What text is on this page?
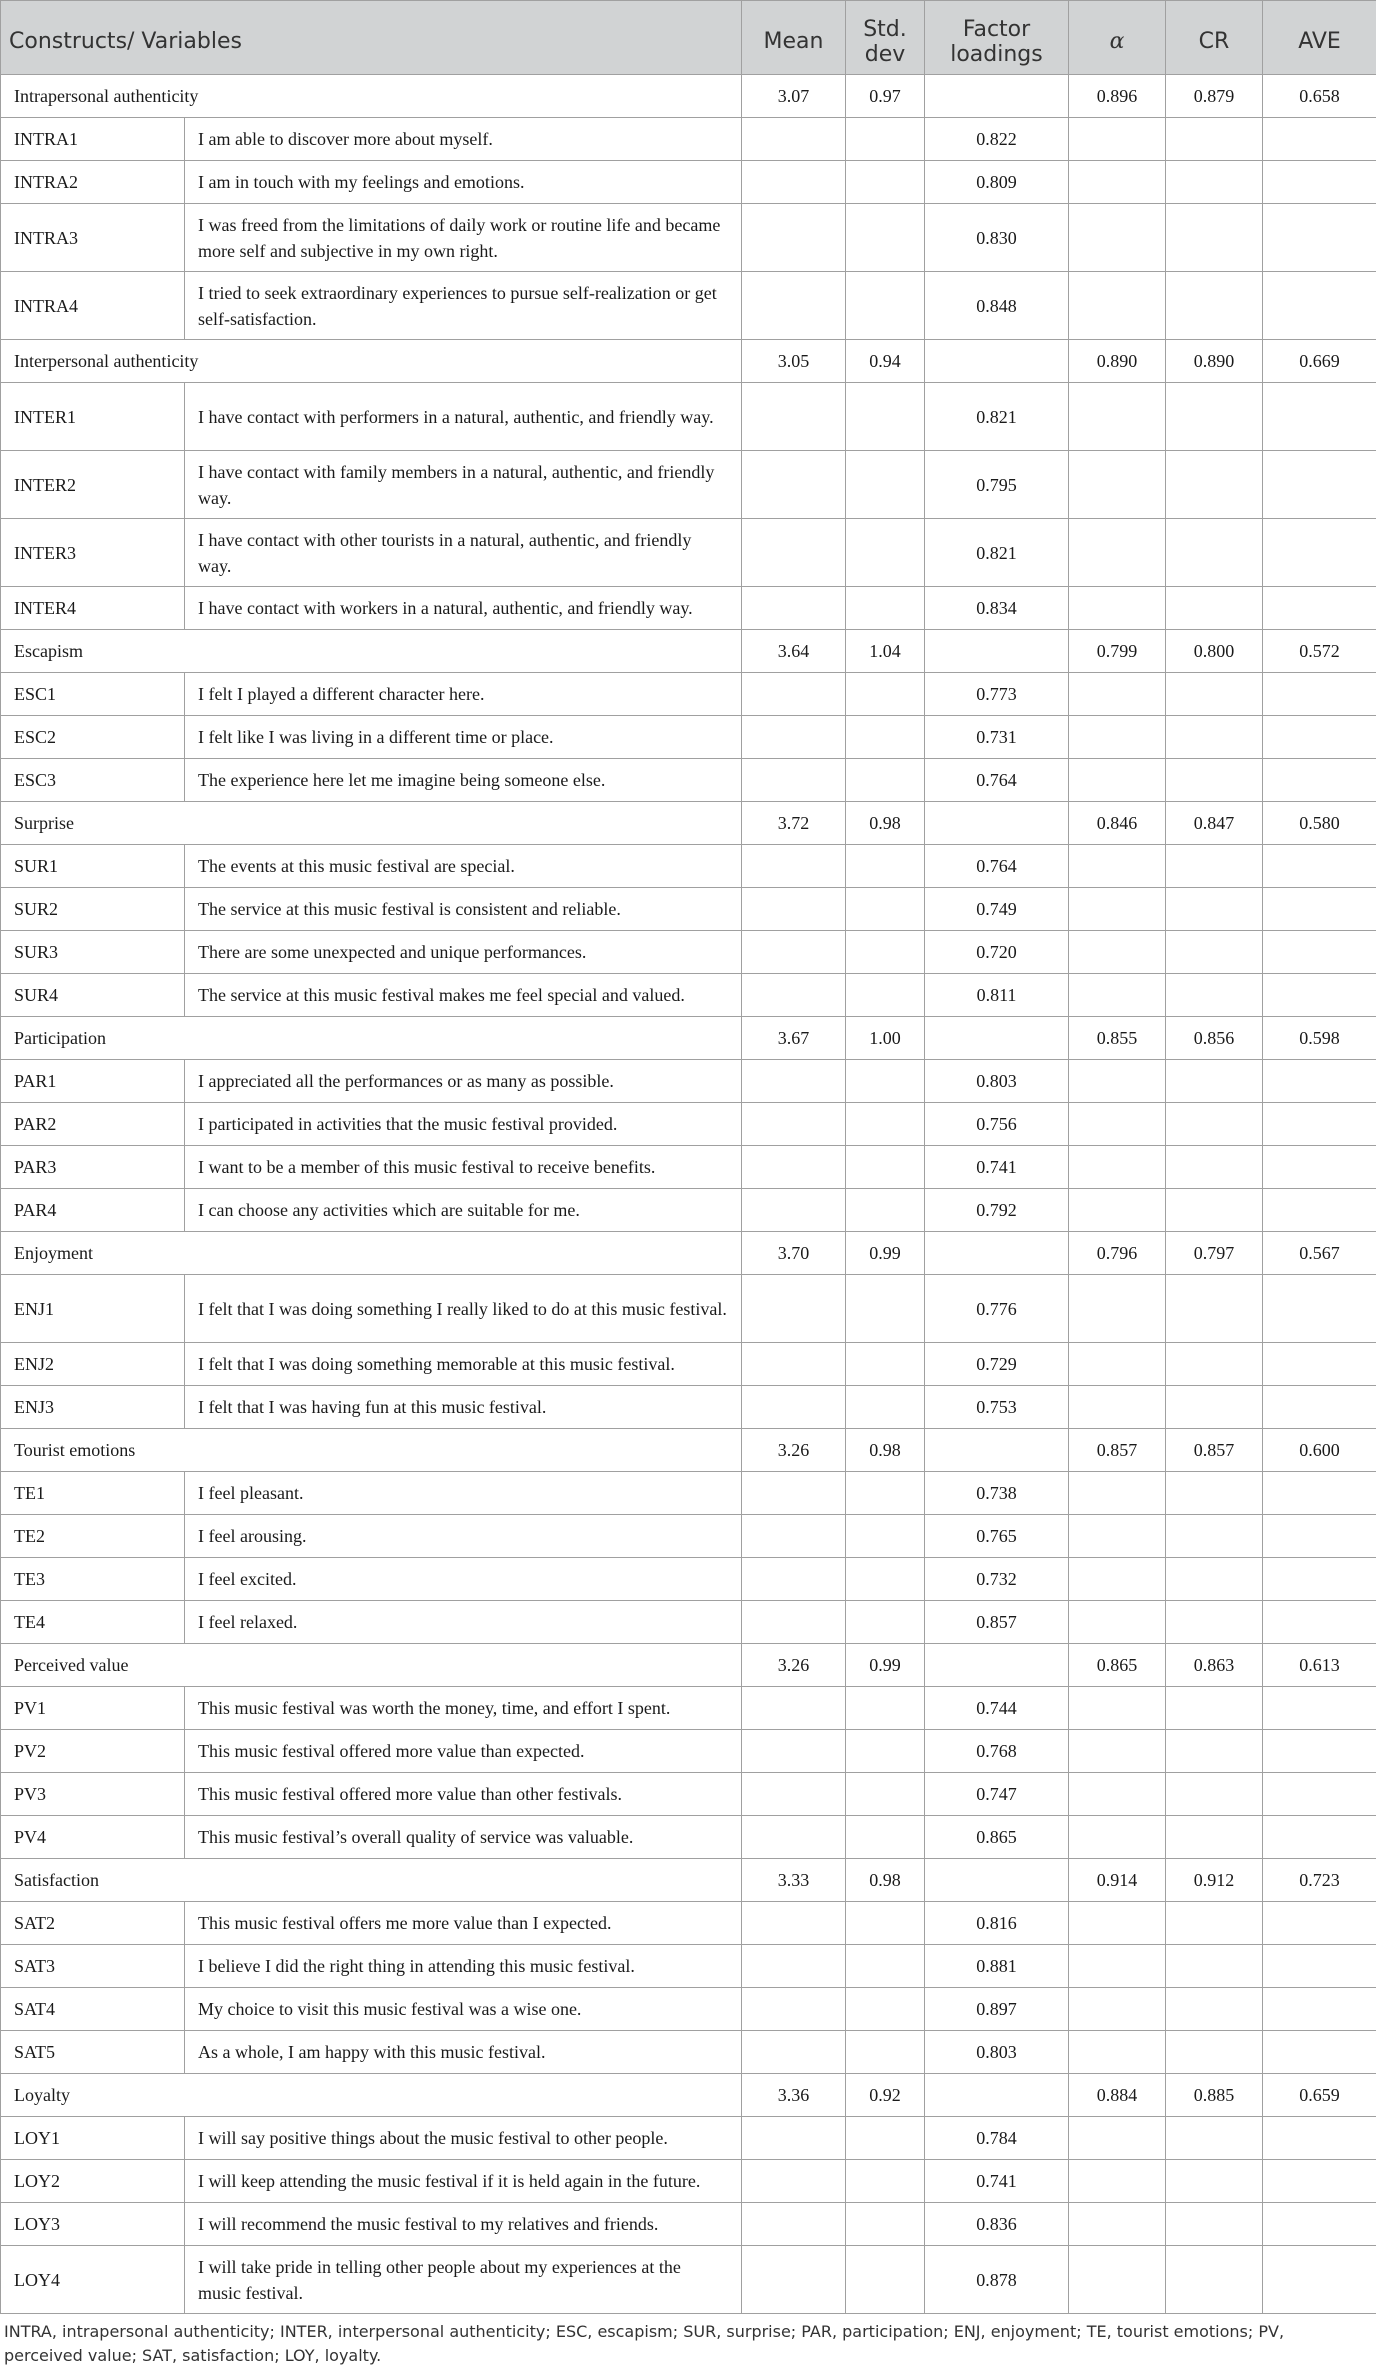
Constructs/ Variables		Mean	Std. dev	Factor loadings	α	CR	AVE
Intrapersonal authenticity		3.07	0.97		0.896	0.879	0.658
INTRA1	I am able to discover more about myself.			0.822			
INTRA2	I am in touch with my feelings and emotions.			0.809			
INTRA3	I was freed from the limitations of daily work or routine life and became more self and subjective in my own right.			0.830			
INTRA4	I tried to seek extraordinary experiences to pursue self-realization or get self-satisfaction.			0.848			
Interpersonal authenticity		3.05	0.94		0.890	0.890	0.669
INTER1	I have contact with performers in a natural, authentic, and friendly way.			0.821			
INTER2	I have contact with family members in a natural, authentic, and friendly way.			0.795			
INTER3	I have contact with other tourists in a natural, authentic, and friendly way.			0.821			
INTER4	I have contact with workers in a natural, authentic, and friendly way.			0.834			
Escapism		3.64	1.04		0.799	0.800	0.572
ESC1	I felt I played a different character here.			0.773			
ESC2	I felt like I was living in a different time or place.			0.731			
ESC3	The experience here let me imagine being someone else.			0.764			
Surprise		3.72	0.98		0.846	0.847	0.580
SUR1	The events at this music festival are special.			0.764			
SUR2	The service at this music festival is consistent and reliable.			0.749			
SUR3	There are some unexpected and unique performances.			0.720			
SUR4	The service at this music festival makes me feel special and valued.			0.811			
Participation		3.67	1.00		0.855	0.856	0.598
PAR1	I appreciated all the performances or as many as possible.			0.803			
PAR2	I participated in activities that the music festival provided.			0.756			
PAR3	I want to be a member of this music festival to receive benefits.			0.741			
PAR4	I can choose any activities which are suitable for me.			0.792			
Enjoyment		3.70	0.99		0.796	0.797	0.567
ENJ1	I felt that I was doing something I really liked to do at this music festival.			0.776			
ENJ2	I felt that I was doing something memorable at this music festival.			0.729			
ENJ3	I felt that I was having fun at this music festival.			0.753			
Tourist emotions		3.26	0.98		0.857	0.857	0.600
TE1	I feel pleasant.			0.738			
TE2	I feel arousing.			0.765			
TE3	I feel excited.			0.732			
TE4	I feel relaxed.			0.857			
Perceived value		3.26	0.99		0.865	0.863	0.613
PV1	This music festival was worth the money, time, and effort I spent.			0.744			
PV2	This music festival offered more value than expected.			0.768			
PV3	This music festival offered more value than other festivals.			0.747			
PV4	This music festival’s overall quality of service was valuable.			0.865			
Satisfaction		3.33	0.98		0.914	0.912	0.723
SAT2	This music festival offers me more value than I expected.			0.816			
SAT3	I believe I did the right thing in attending this music festival.			0.881			
SAT4	My choice to visit this music festival was a wise one.			0.897			
SAT5	As a whole, I am happy with this music festival.			0.803			
Loyalty		3.36	0.92		0.884	0.885	0.659
LOY1	I will say positive things about the music festival to other people.			0.784			
LOY2	I will keep attending the music festival if it is held again in the future.			0.741			
LOY3	I will recommend the music festival to my relatives and friends.			0.836			
LOY4	I will take pride in telling other people about my experiences at the music festival.			0.878			
INTRA, intrapersonal authenticity; INTER, interpersonal authenticity; ESC, escapism; SUR, surprise; PAR, participation; ENJ, enjoyment; TE, tourist emotions; PV, perceived value; SAT, satisfaction; LOY, loyalty.
